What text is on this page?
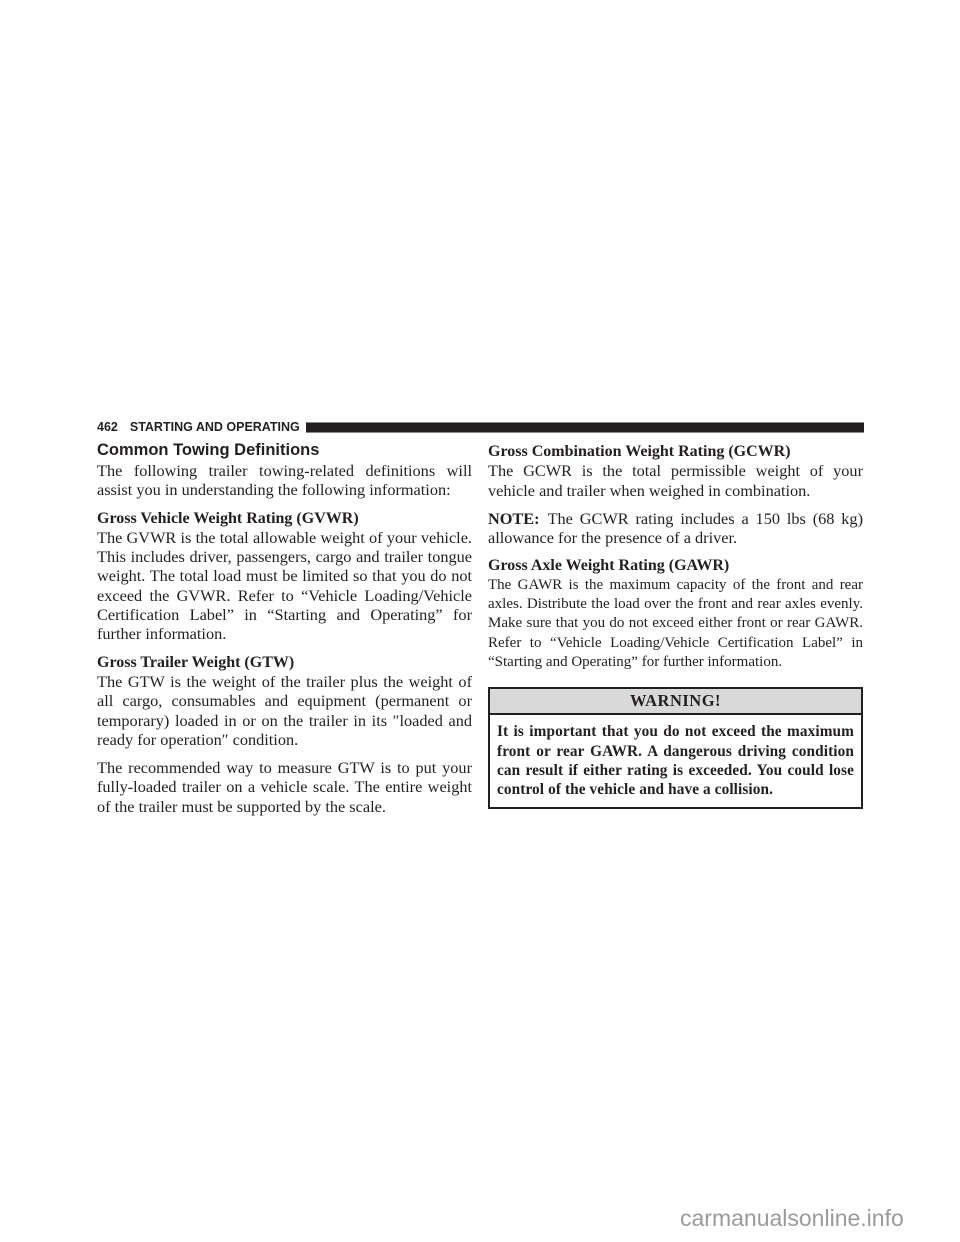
462 STARTING AND OPERATING
Common Towing Definitions

The following trailer towing-related definitions will assist you in understanding the following information:

Gross Vehicle Weight Rating (GVWR)

The GVWR is the total allowable weight of your vehicle. This includes driver, passengers, cargo and trailer tongue weight. The total load must be limited so that you do not exceed the GVWR. Refer to “Vehicle Loading/Vehicle Certification Label” in “Starting and Operating” for further information.

Gross Trailer Weight (GTW)

The GTW is the weight of the trailer plus the weight of all cargo, consumables and equipment (permanent or temporary) loaded in or on the trailer in its ″loaded and ready for operation″ condition.

The recommended way to measure GTW is to put your fully-loaded trailer on a vehicle scale. The entire weight of the trailer must be supported by the scale.

Gross Combination Weight Rating (GCWR)

The GCWR is the total permissible weight of your vehicle and trailer when weighed in combination.

NOTE: The GCWR rating includes a 150 lbs (68 kg) allowance for the presence of a driver.

Gross Axle Weight Rating (GAWR)

The GAWR is the maximum capacity of the front and rear axles. Distribute the load over the front and rear axles evenly. Make sure that you do not exceed either front or rear GAWR. Refer to “Vehicle Loading/Vehicle Certification Label” in “Starting and Operating” for further information.

WARNING!
It is important that you do not exceed the maximum front or rear GAWR. A dangerous driving condition can result if either rating is exceeded. You could lose control of the vehicle and have a collision.
carmanualsonline.info
